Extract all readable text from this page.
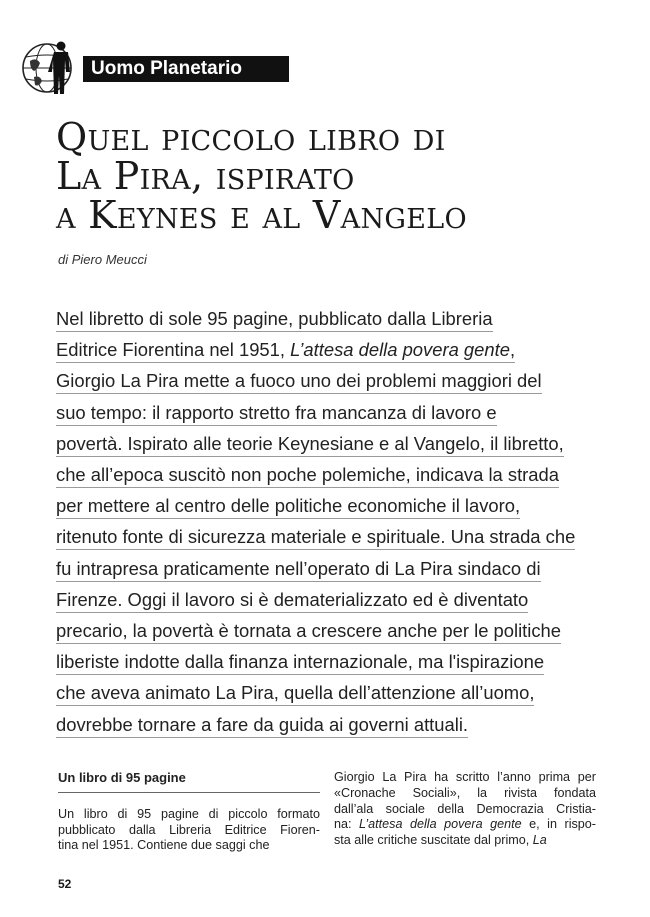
Uomo Planetario
Quel piccolo libro di
La Pira, ispirato
a Keynes e al Vangelo
di Piero Meucci
Nel libretto di sole 95 pagine, pubblicato dalla Libreria
Editrice Fiorentina nel 1951, L’attesa della povera gente,
Giorgio La Pira mette a fuoco uno dei problemi maggiori del
suo tempo: il rapporto stretto fra mancanza di lavoro e
povertà. Ispirato alle teorie Keynesiane e al Vangelo, il libretto,
che all’epoca suscitò non poche polemiche, indicava la strada
per mettere al centro delle politiche economiche il lavoro,
ritenuto fonte di sicurezza materiale e spirituale. Una strada che
fu intrapresa praticamente nell’operato di La Pira sindaco di
Firenze. Oggi il lavoro si è dematerializzato ed è diventato
precario, la povertà è tornata a crescere anche per le politiche
liberiste indotte dalla finanza internazionale, ma l'ispirazione
che aveva animato La Pira, quella dell’attenzione all’uomo,
dovrebbe tornare a fare da guida ai governi attuali.
Un libro di 95 pagine
Un libro di 95 pagine di piccolo formato
pubblicato dalla Libreria Editrice Fioren-
tina nel 1951. Contiene due saggi che
Giorgio La Pira ha scritto l’anno prima per
«Cronache Sociali», la rivista fondata
dall’ala sociale della Democrazia Cristia-
na: L’attesa della povera gente e, in rispo-
sta alle critiche suscitate dal primo, La
52
